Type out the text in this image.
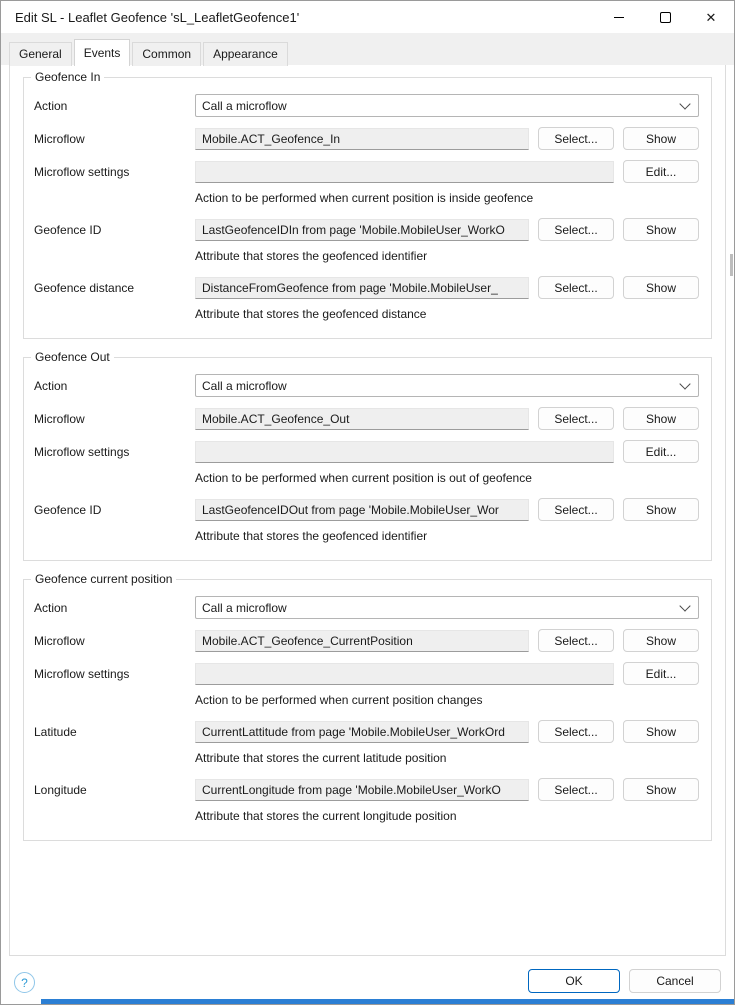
Edit SL - Leaflet Geofence 'sL_LeafletGeofence1'	✕
General	Events	Common	Appearance
Geofence In
Action	Call a microflow
Microflow	Mobile.ACT_Geofence_In	Select...	Show
Microflow settings	Edit...
Action to be performed when current position is inside geofence
Geofence ID	LastGeofenceIDIn from page 'Mobile.MobileUser_WorkO	Select...	Show
Attribute that stores the geofenced identifier
Geofence distance	DistanceFromGeofence from page 'Mobile.MobileUser_	Select...	Show
Attribute that stores the geofenced distance
Geofence Out
Action	Call a microflow
Microflow	Mobile.ACT_Geofence_Out	Select...	Show
Microflow settings	Edit...
Action to be performed when current position is out of geofence
Geofence ID	LastGeofenceIDOut from page 'Mobile.MobileUser_Wor	Select...	Show
Attribute that stores the geofenced identifier
Geofence current position
Action	Call a microflow
Microflow	Mobile.ACT_Geofence_CurrentPosition	Select...	Show
Microflow settings	Edit...
Action to be performed when current position changes
Latitude	CurrentLattitude from page 'Mobile.MobileUser_WorkOrd	Select...	Show
Attribute that stores the current latitude position
Longitude	CurrentLongitude from page 'Mobile.MobileUser_WorkO	Select...	Show
Attribute that stores the current longitude position
?	OK	Cancel
